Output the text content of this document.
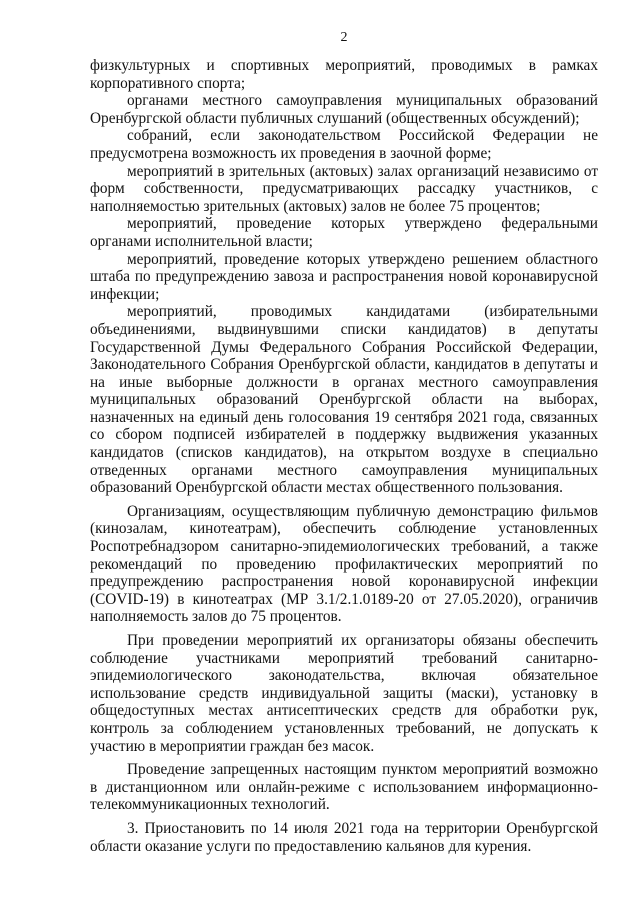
2

физкультурных и спортивных мероприятий, проводимых в рамках корпоративного спорта;

органами местного самоуправления муниципальных образований Оренбургской области публичных слушаний (общественных обсуждений);

собраний, если законодательством Российской Федерации не предусмотрена возможность их проведения в заочной форме;

мероприятий в зрительных (актовых) залах организаций независимо от форм собственности, предусматривающих рассадку участников, с наполняемостью зрительных (актовых) залов не более 75 процентов;

мероприятий, проведение которых утверждено федеральными органами исполнительной власти;

мероприятий, проведение которых утверждено решением областного штаба по предупреждению завоза и распространения новой коронавирусной инфекции;

мероприятий, проводимых кандидатами (избирательными объединениями, выдвинувшими списки кандидатов) в депутаты Государственной Думы Федерального Собрания Российской Федерации, Законодательного Собрания Оренбургской области, кандидатов в депутаты и на иные выборные должности в органах местного самоуправления муниципальных образований Оренбургской области на выборах, назначенных на единый день голосования 19 сентября 2021 года, связанных со сбором подписей избирателей в поддержку выдвижения указанных кандидатов (списков кандидатов), на открытом воздухе в специально отведенных органами местного самоуправления муниципальных образований Оренбургской области местах общественного пользования.

Организациям, осуществляющим публичную демонстрацию фильмов (кинозалам, кинотеатрам), обеспечить соблюдение установленных Роспотребнадзором санитарно-эпидемиологических требований, а также рекомендаций по проведению профилактических мероприятий по предупреждению распространения новой коронавирусной инфекции (COVID-19) в кинотеатрах (МР 3.1/2.1.0189-20 от 27.05.2020), ограничив наполняемость залов до 75 процентов.

При проведении мероприятий их организаторы обязаны обеспечить соблюдение участниками мероприятий требований санитарно-эпидемиологического законодательства, включая обязательное использование средств индивидуальной защиты (маски), установку в общедоступных местах антисептических средств для обработки рук, контроль за соблюдением установленных требований, не допускать к участию в мероприятии граждан без масок.

Проведение запрещенных настоящим пунктом мероприятий возможно в дистанционном или онлайн-режиме с использованием информационно-телекоммуникационных технологий.

3. Приостановить по 14 июля 2021 года на территории Оренбургской области оказание услуги по предоставлению кальянов для курения.
